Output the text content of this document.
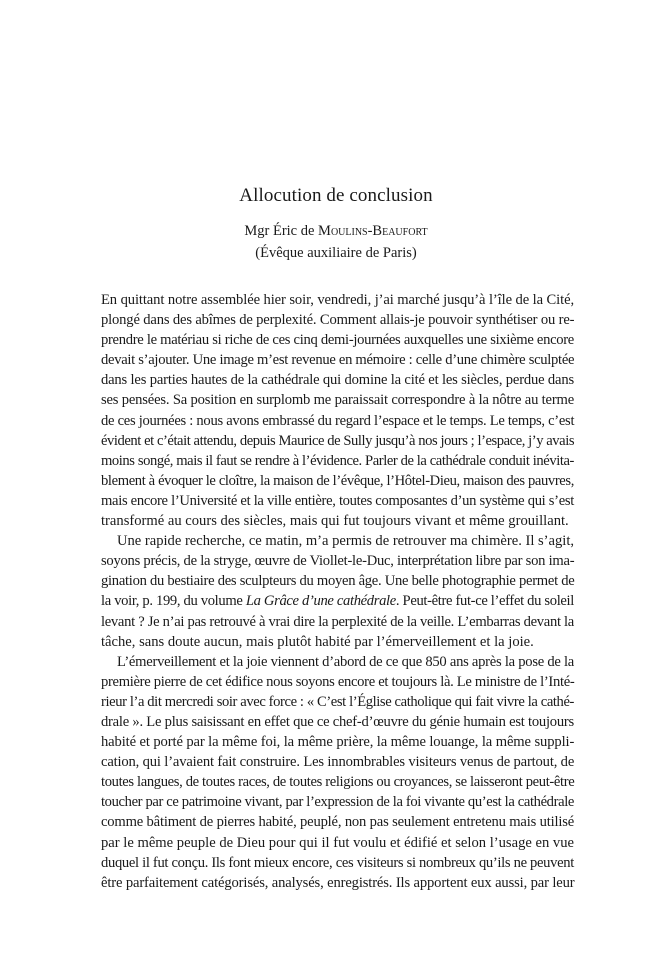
Allocution de conclusion
Mgr Éric de Moulins-Beaufort
(Évêque auxiliaire de Paris)
En quittant notre assemblée hier soir, vendredi, j’ai marché jusqu’à l’île de la Cité,
plongé dans des abîmes de perplexité. Comment allais-je pouvoir synthétiser ou re-
prendre le matériau si riche de ces cinq demi-journées auxquelles une sixième encore
devait s’ajouter. Une image m’est revenue en mémoire : celle d’une chimère sculptée
dans les parties hautes de la cathédrale qui domine la cité et les siècles, perdue dans
ses pensées. Sa position en surplomb me paraissait correspondre à la nôtre au terme
de ces journées : nous avons embrassé du regard l’espace et le temps. Le temps, c’est
évident et c’était attendu, depuis Maurice de Sully jusqu’à nos jours ; l’espace, j’y avais
moins songé, mais il faut se rendre à l’évidence. Parler de la cathédrale conduit inévita-
blement à évoquer le cloître, la maison de l’évêque, l’Hôtel-Dieu, maison des pauvres,
mais encore l’Université et la ville entière, toutes composantes d’un système qui s’est
transformé au cours des siècles, mais qui fut toujours vivant et même grouillant.
Une rapide recherche, ce matin, m’a permis de retrouver ma chimère. Il s’agit,
soyons précis, de la stryge, œuvre de Viollet-le-Duc, interprétation libre par son ima-
gination du bestiaire des sculpteurs du moyen âge. Une belle photographie permet de
la voir, p. 199, du volume La Grâce d’une cathédrale. Peut-être fut-ce l’effet du soleil
levant ? Je n’ai pas retrouvé à vrai dire la perplexité de la veille. L’embarras devant la
tâche, sans doute aucun, mais plutôt habité par l’émerveillement et la joie.
L’émerveillement et la joie viennent d’abord de ce que 850 ans après la pose de la
première pierre de cet édifice nous soyons encore et toujours là. Le ministre de l’Inté-
rieur l’a dit mercredi soir avec force : « C’est l’Église catholique qui fait vivre la cathé-
drale ». Le plus saisissant en effet que ce chef-d’œuvre du génie humain est toujours
habité et porté par la même foi, la même prière, la même louange, la même suppli-
cation, qui l’avaient fait construire. Les innombrables visiteurs venus de partout, de
toutes langues, de toutes races, de toutes religions ou croyances, se laisseront peut-être
toucher par ce patrimoine vivant, par l’expression de la foi vivante qu’est la cathédrale
comme bâtiment de pierres habité, peuplé, non pas seulement entretenu mais utilisé
par le même peuple de Dieu pour qui il fut voulu et édifié et selon l’usage en vue
duquel il fut conçu. Ils font mieux encore, ces visiteurs si nombreux qu’ils ne peuvent
être parfaitement catégorisés, analysés, enregistrés. Ils apportent eux aussi, par leur
